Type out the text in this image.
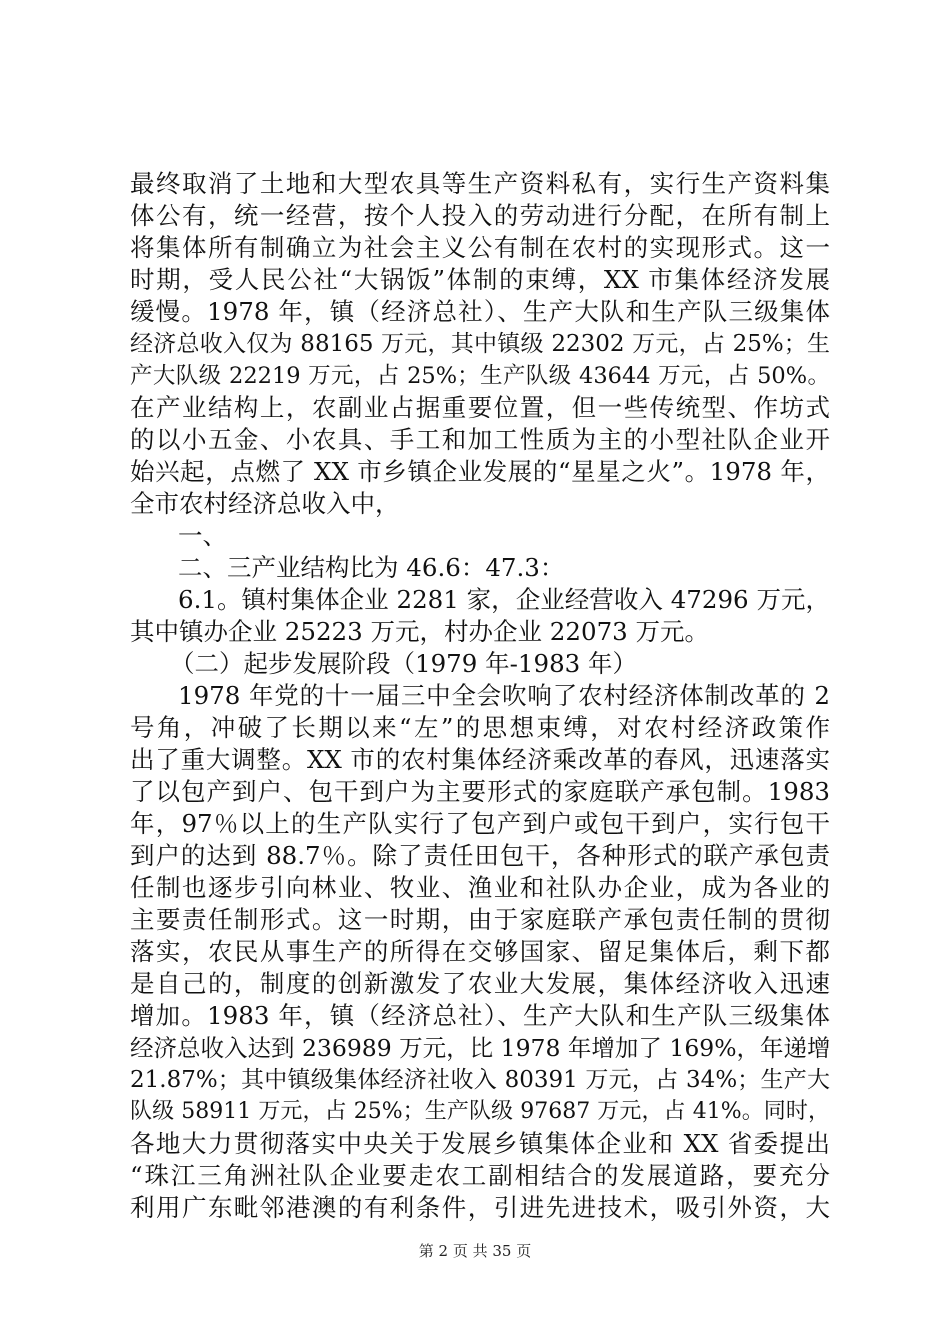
最终取消了土地和大型农具等生产资料私有，实行生产资料集
体公有，统一经营，按个人投入的劳动进行分配，在所有制上
将集体所有制确立为社会主义公有制在农村的实现形式。这一
时期，受人民公社“大锅饭”体制的束缚，XX 市集体经济发展
缓慢。1978 年，镇（经济总社）、生产大队和生产队三级集体
经济总收入仅为 88165 万元，其中镇级 22302 万元，占 25%；生
产大队级 22219 万元，占 25%；生产队级 43644 万元，占 50%。
在产业结构上，农副业占据重要位置，但一些传统型、作坊式
的以小五金、小农具、手工和加工性质为主的小型社队企业开
始兴起，点燃了 XX 市乡镇企业发展的“星星之火”。1978 年，
全市农村经济总收入中，
一、
二、三产业结构比为 46.6：47.3：
6.1。镇村集体企业 2281 家，企业经营收入 47296 万元，
其中镇办企业 25223 万元，村办企业 22073 万元。
（二）起步发展阶段（1979 年-1983 年）
1978 年党的十一届三中全会吹响了农村经济体制改革的 2
号角，冲破了长期以来“左”的思想束缚，对农村经济政策作
出了重大调整。XX 市的农村集体经济乘改革的春风，迅速落实
了以包产到户、包干到户为主要形式的家庭联产承包制。1983
年，97％以上的生产队实行了包产到户或包干到户，实行包干
到户的达到 88.7％。除了责任田包干，各种形式的联产承包责
任制也逐步引向林业、牧业、渔业和社队办企业，成为各业的
主要责任制形式。这一时期，由于家庭联产承包责任制的贯彻
落实，农民从事生产的所得在交够国家、留足集体后，剩下都
是自己的，制度的创新激发了农业大发展，集体经济收入迅速
增加。1983 年，镇（经济总社）、生产大队和生产队三级集体
经济总收入达到 236989 万元，比 1978 年增加了 169%，年递增
21.87%；其中镇级集体经济社收入 80391 万元，占 34%；生产大
队级 58911 万元，占 25%；生产队级 97687 万元，占 41%。同时，
各地大力贯彻落实中央关于发展乡镇集体企业和 XX 省委提出
“珠江三角洲社队企业要走农工副相结合的发展道路，要充分
利用广东毗邻港澳的有利条件，引进先进技术，吸引外资，大
第 2 页 共 35 页
